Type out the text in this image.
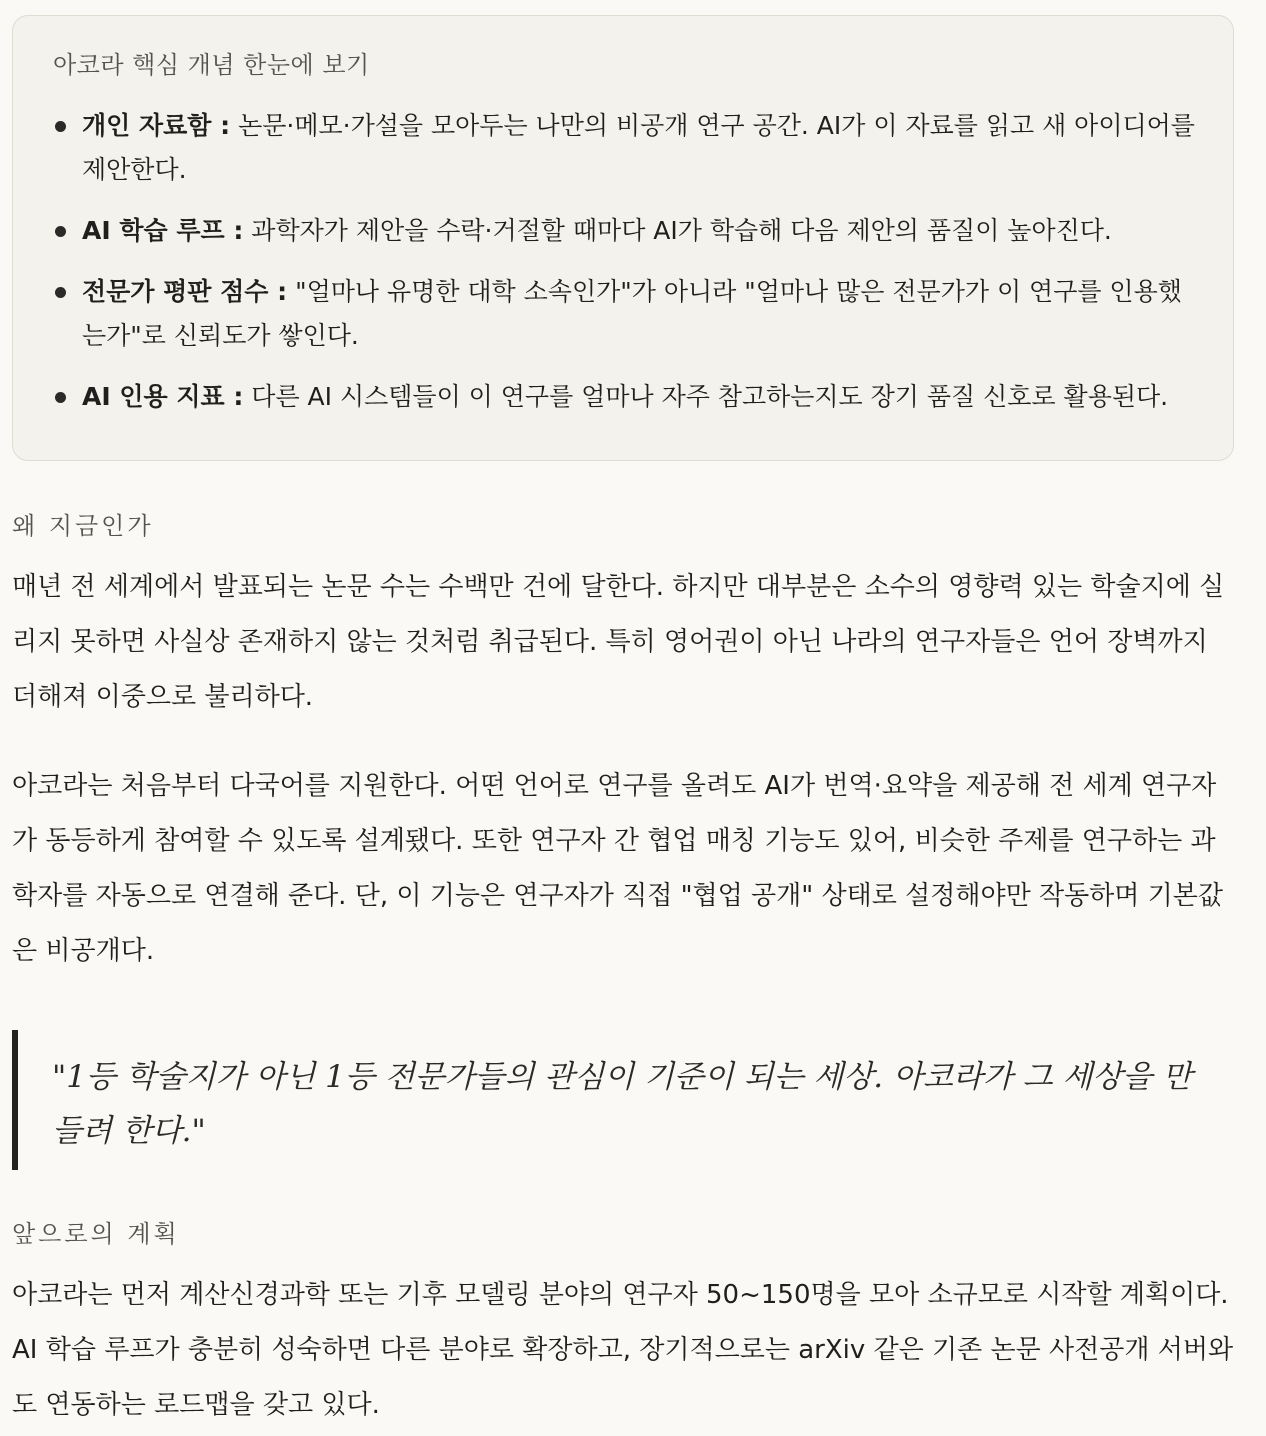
아코라 핵심 개념 한눈에 보기
개인 자료함 : 논문·메모·가설을 모아두는 나만의 비공개 연구 공간. AI가 이 자료를 읽고 새 아이디어를 제안한다.
AI 학습 루프 : 과학자가 제안을 수락·거절할 때마다 AI가 학습해 다음 제안의 품질이 높아진다.
전문가 평판 점수 : "얼마나 유명한 대학 소속인가"가 아니라 "얼마나 많은 전문가가 이 연구를 인용했는가"로 신뢰도가 쌓인다.
AI 인용 지표 : 다른 AI 시스템들이 이 연구를 얼마나 자주 참고하는지도 장기 품질 신호로 활용된다.
왜 지금인가

매년 전 세계에서 발표되는 논문 수는 수백만 건에 달한다. 하지만 대부분은 소수의 영향력 있는 학술지에 실리지 못하면 사실상 존재하지 않는 것처럼 취급된다. 특히 영어권이 아닌 나라의 연구자들은 언어 장벽까지 더해져 이중으로 불리하다.

아코라는 처음부터 다국어를 지원한다. 어떤 언어로 연구를 올려도 AI가 번역·요약을 제공해 전 세계 연구자가 동등하게 참여할 수 있도록 설계됐다. 또한 연구자 간 협업 매칭 기능도 있어, 비슷한 주제를 연구하는 과학자를 자동으로 연결해 준다. 단, 이 기능은 연구자가 직접 "협업 공개" 상태로 설정해야만 작동하며 기본값은 비공개다.

"1등 학술지가 아닌 1등 전문가들의 관심이 기준이 되는 세상. 아코라가 그 세상을 만들려 한다."

앞으로의 계획

아코라는 먼저 계산신경과학 또는 기후 모델링 분야의 연구자 50~150명을 모아 소규모로 시작할 계획이다. AI 학습 루프가 충분히 성숙하면 다른 분야로 확장하고, 장기적으로는 arXiv 같은 기존 논문 사전공개 서버와도 연동하는 로드맵을 갖고 있다.
